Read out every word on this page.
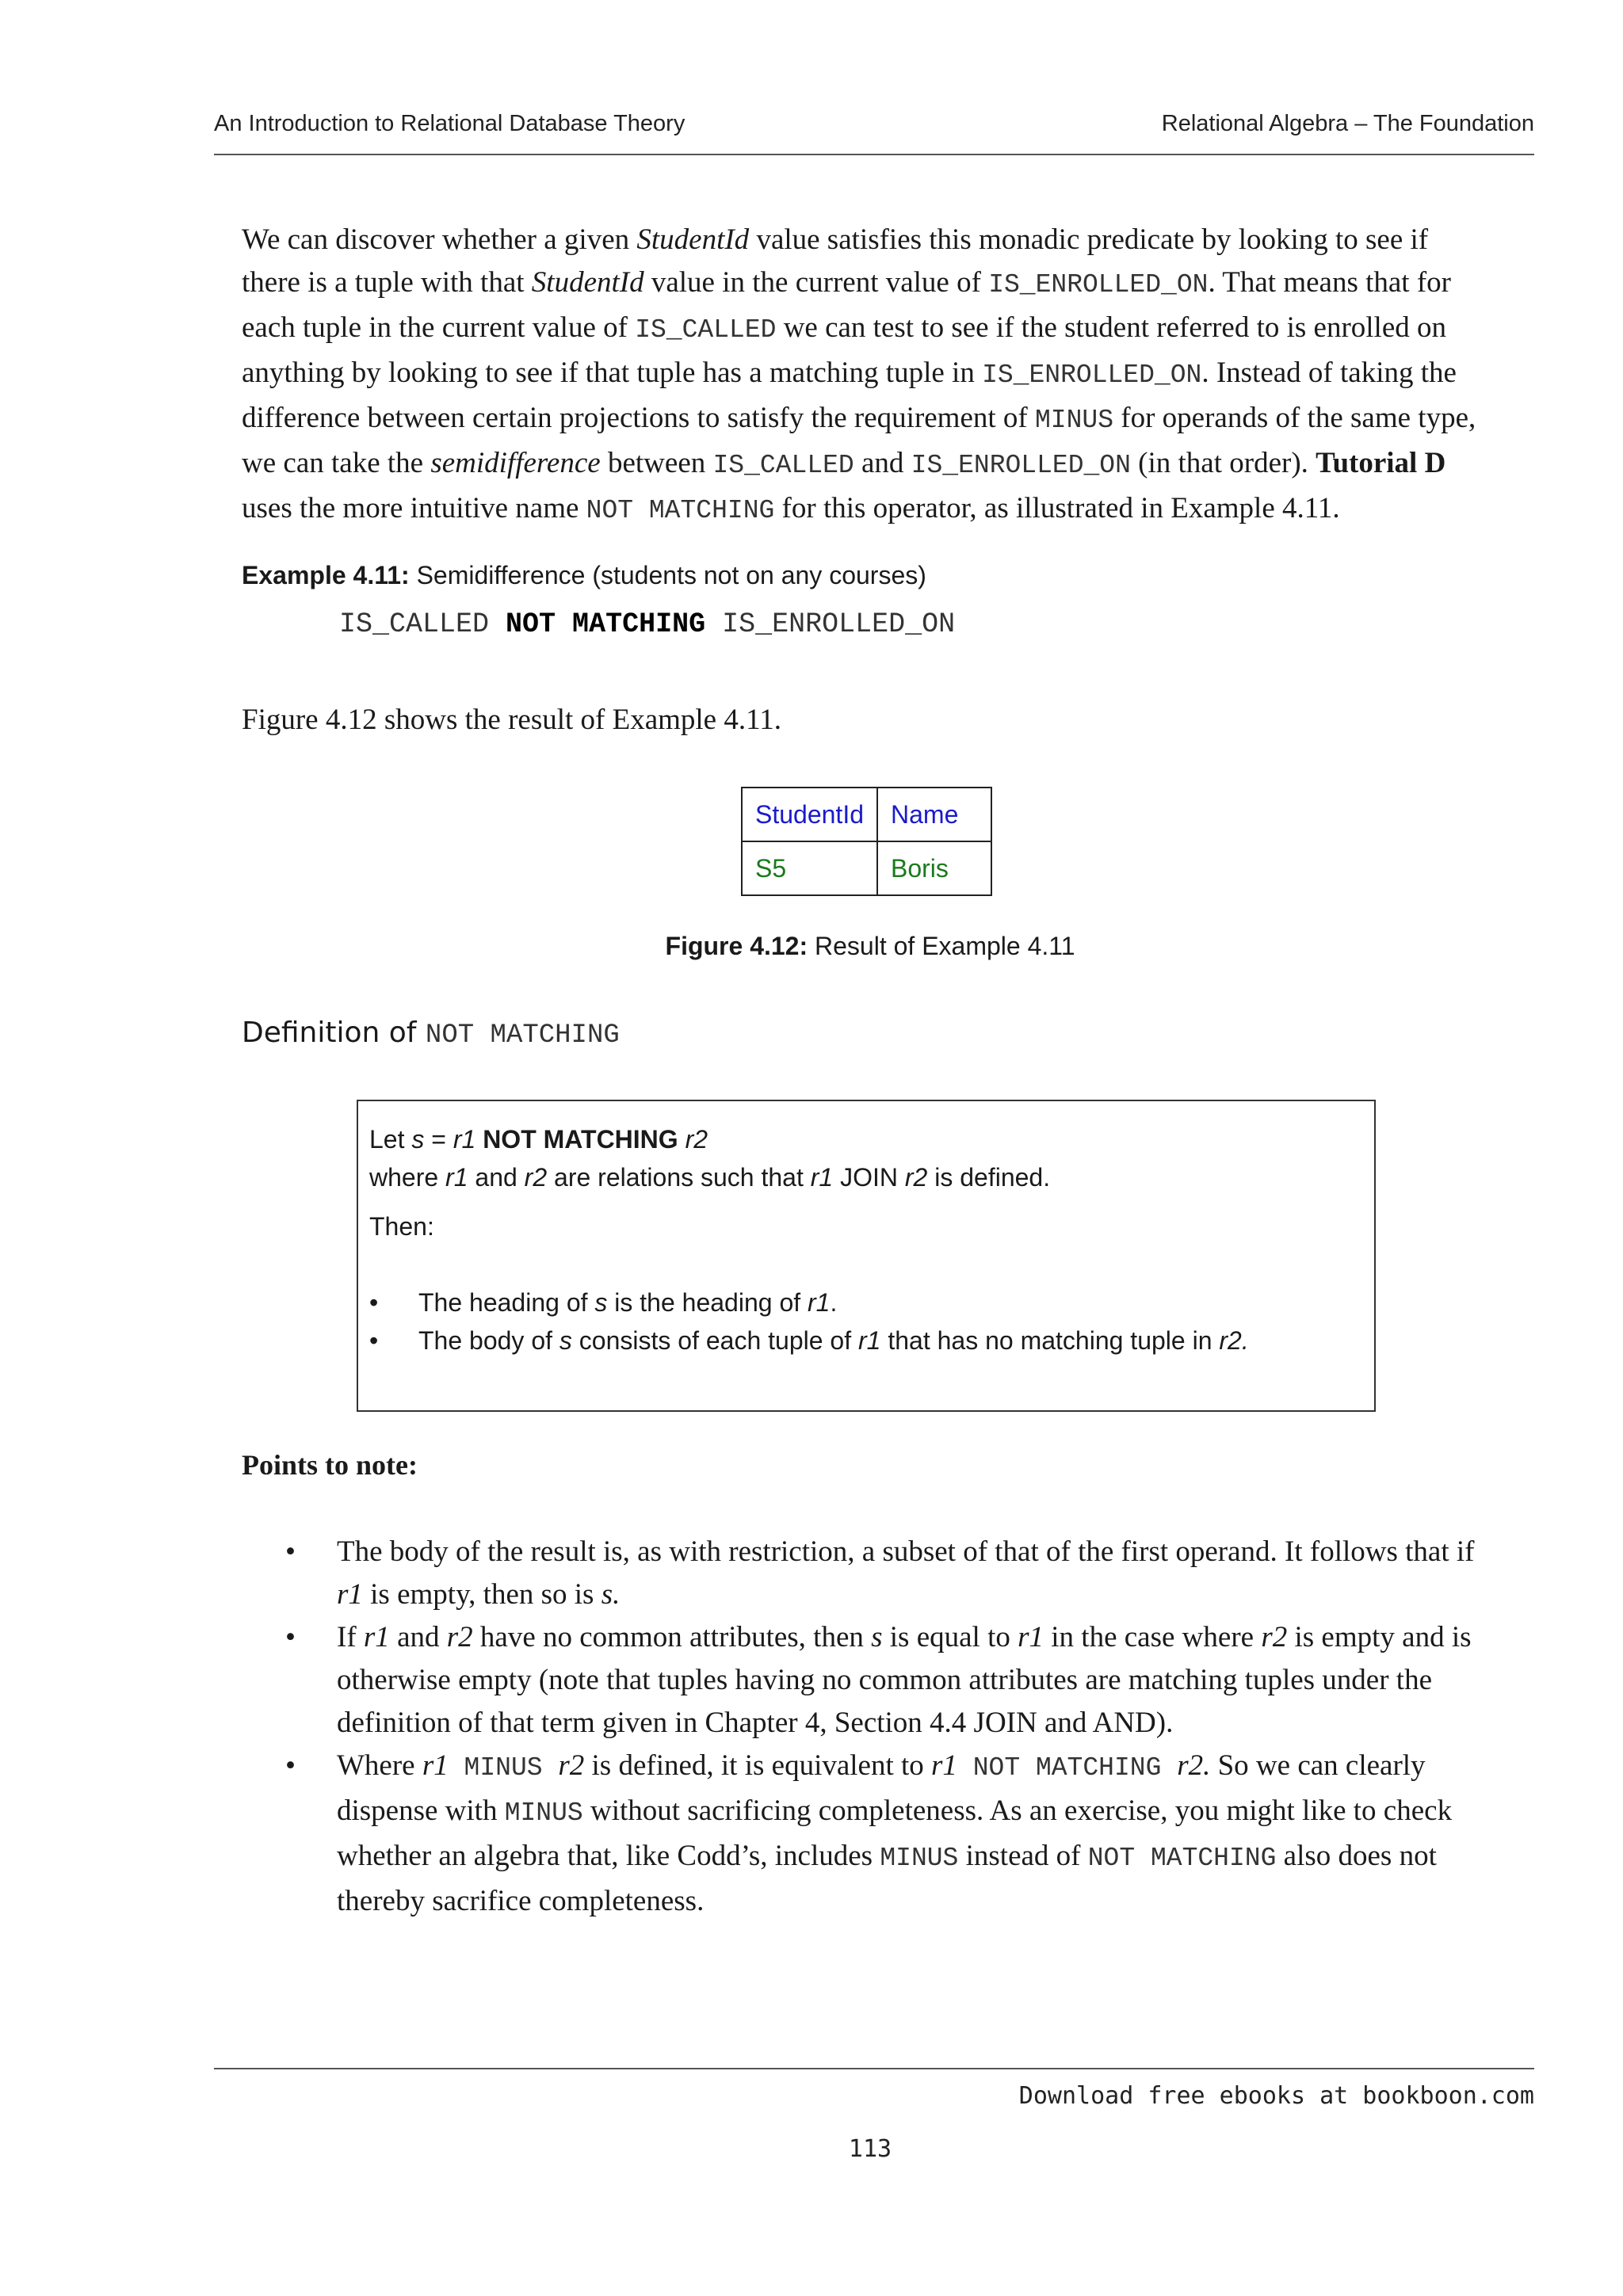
An Introduction to Relational Database Theory	Relational Algebra – The Foundation
We can discover whether a given StudentId value satisfies this monadic predicate by looking to see if
there is a tuple with that StudentId value in the current value of IS_ENROLLED_ON. That means that for
each tuple in the current value of IS_CALLED we can test to see if the student referred to is enrolled on
anything by looking to see if that tuple has a matching tuple in IS_ENROLLED_ON. Instead of taking the
difference between certain projections to satisfy the requirement of MINUS for operands of the same type,
we can take the semidifference between IS_CALLED and IS_ENROLLED_ON (in that order). Tutorial D
uses the more intuitive name NOT MATCHING for this operator, as illustrated in Example 4.11.
Example 4.11: Semidifference (students not on any courses)
IS_CALLED NOT MATCHING IS_ENROLLED_ON
Figure 4.12 shows the result of Example 4.11.
StudentId	Name
S5	Boris
Figure 4.12: Result of Example 4.11
Definition of NOT MATCHING
Let s = r1 NOT MATCHING r2
where r1 and r2 are relations such that r1 JOIN r2 is defined.
Then:
• The heading of s is the heading of r1.
• The body of s consists of each tuple of r1 that has no matching tuple in r2.
Points to note:
• The body of the result is, as with restriction, a subset of that of the first operand. It follows that if
r1 is empty, then so is s.
• If r1 and r2 have no common attributes, then s is equal to r1 in the case where r2 is empty and is
otherwise empty (note that tuples having no common attributes are matching tuples under the
definition of that term given in Chapter 4, Section 4.4 JOIN and AND).
• Where r1 MINUS r2 is defined, it is equivalent to r1 NOT MATCHING r2. So we can clearly
dispense with MINUS without sacrificing completeness. As an exercise, you might like to check
whether an algebra that, like Codd’s, includes MINUS instead of NOT MATCHING also does not
thereby sacrifice completeness.
Download free ebooks at bookboon.com
113
